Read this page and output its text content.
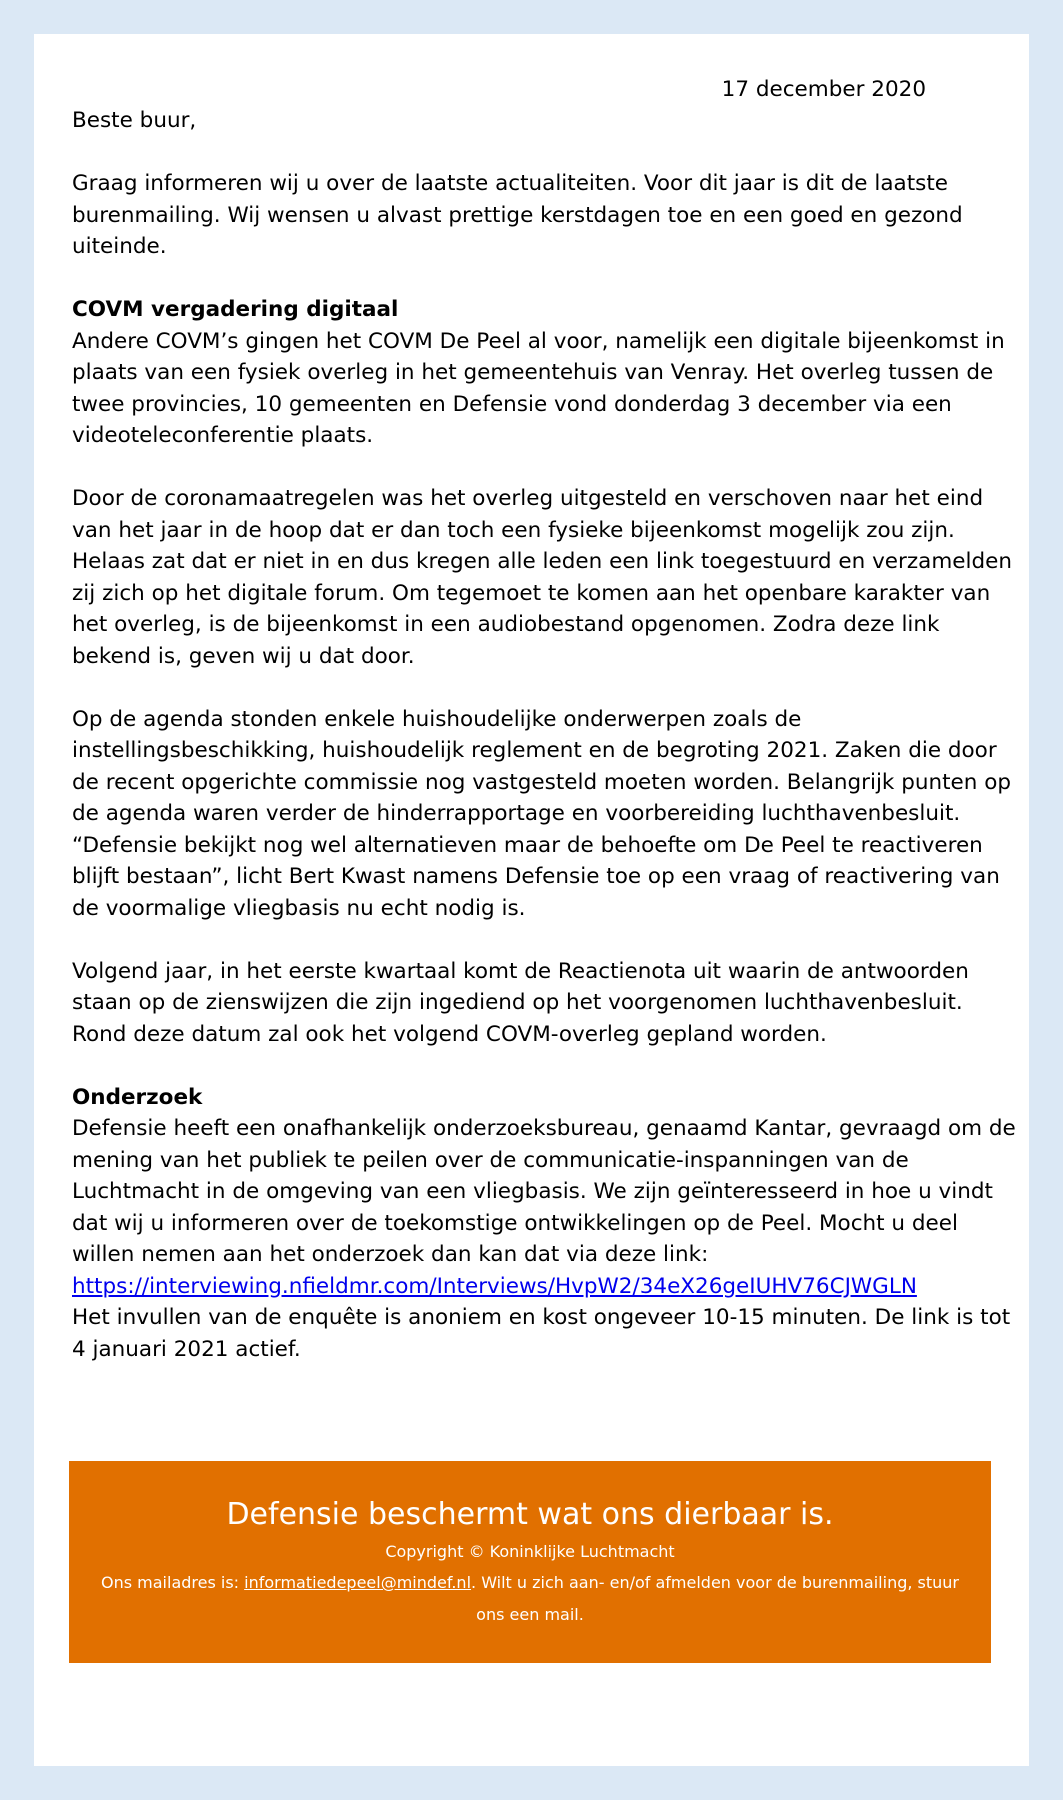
17 december 2020

Beste buur,

Graag informeren wij u over de laatste actualiteiten. Voor dit jaar is dit de laatste burenmailing. Wij wensen u alvast prettige kerstdagen toe en een goed en gezond uiteinde.

COVM vergadering digitaal
Andere COVM’s gingen het COVM De Peel al voor, namelijk een digitale bijeenkomst in plaats van een fysiek overleg in het gemeentehuis van Venray. Het overleg tussen de twee provincies, 10 gemeenten en Defensie vond donderdag 3 december via een videoteleconferentie plaats.

Door de coronamaatregelen was het overleg uitgesteld en verschoven naar het eind van het jaar in de hoop dat er dan toch een fysieke bijeenkomst mogelijk zou zijn. Helaas zat dat er niet in en dus kregen alle leden een link toegestuurd en verzamelden zij zich op het digitale forum. Om tegemoet te komen aan het openbare karakter van het overleg, is de bijeenkomst in een audiobestand opgenomen. Zodra deze link bekend is, geven wij u dat door.

Op de agenda stonden enkele huishoudelijke onderwerpen zoals de instellingsbeschikking, huishoudelijk reglement en de begroting 2021. Zaken die door de recent opgerichte commissie nog vastgesteld moeten worden. Belangrijk punten op de agenda waren verder de hinderrapportage en voorbereiding luchthavenbesluit. “Defensie bekijkt nog wel alternatieven maar de behoefte om De Peel te reactiveren blijft bestaan”, licht Bert Kwast namens Defensie toe op een vraag of reactivering van de voormalige vliegbasis nu echt nodig is.

Volgend jaar, in het eerste kwartaal komt de Reactienota uit waarin de antwoorden staan op de zienswijzen die zijn ingediend op het voorgenomen luchthavenbesluit. Rond deze datum zal ook het volgend COVM-overleg gepland worden.

Onderzoek
Defensie heeft een onafhankelijk onderzoeksbureau, genaamd Kantar, gevraagd om de mening van het publiek te peilen over de communicatie-inspanningen van de Luchtmacht in de omgeving van een vliegbasis. We zijn geïnteresseerd in hoe u vindt dat wij u informeren over de toekomstige ontwikkelingen op de Peel. Mocht u deel willen nemen aan het onderzoek dan kan dat via deze link:
https://interviewing.nfieldmr.com/Interviews/HvpW2/34eX26geIUHV76CJWGLN
Het invullen van de enquête is anoniem en kost ongeveer 10-15 minuten. De link is tot 4 januari 2021 actief.

Defensie beschermt wat ons dierbaar is.
Copyright © Koninklijke Luchtmacht
Ons mailadres is: informatiedepeel@mindef.nl. Wilt u zich aan- en/of afmelden voor de burenmailing, stuur ons een mail.
